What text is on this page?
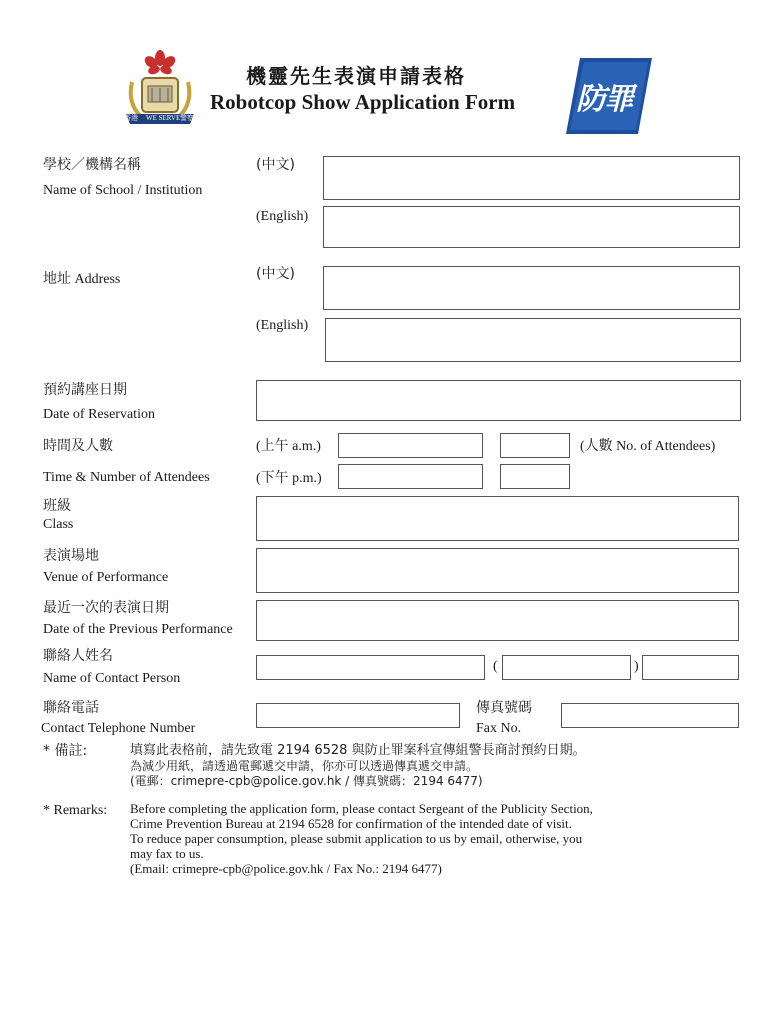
香港 WE SERVE 警察
機靈先生表演申請表格
Robotcop Show Application Form 防罪
學校／機構名稱
Name of School / Institution
(中文)
(English)
地址 Address	(中文)
(English)
預約講座日期
Date of Reservation
時間及人數
Time & Number of Attendees
(上午 a.m.)	(人數 No. of Attendees)
(下午 p.m.)
班級
Class
表演場地
Venue of Performance
最近一次的表演日期
Date of the Previous Performance
聯絡人姓名
Name of Contact Person
(	)
聯絡電話
Contact Telephone Number
傳真號碼
Fax No.
* 備註:	填寫此表格前，請先致電 2194 6528 與防止罪案科宣傳組警長商討預約日期。
為減少用紙，請透過電郵遞交申請，你亦可以透過傳真遞交申請。
(電郵：crimepre-cpb@police.gov.hk / 傳真號碼：2194 6477)
* Remarks: Before completing the application form, please contact Sergeant of the Publicity Section,
Crime Prevention Bureau at 2194 6528 for confirmation of the intended date of visit.
To reduce paper consumption, please submit application to us by email, otherwise, you
may fax to us.
(Email: crimepre-cpb@police.gov.hk / Fax No.: 2194 6477)
